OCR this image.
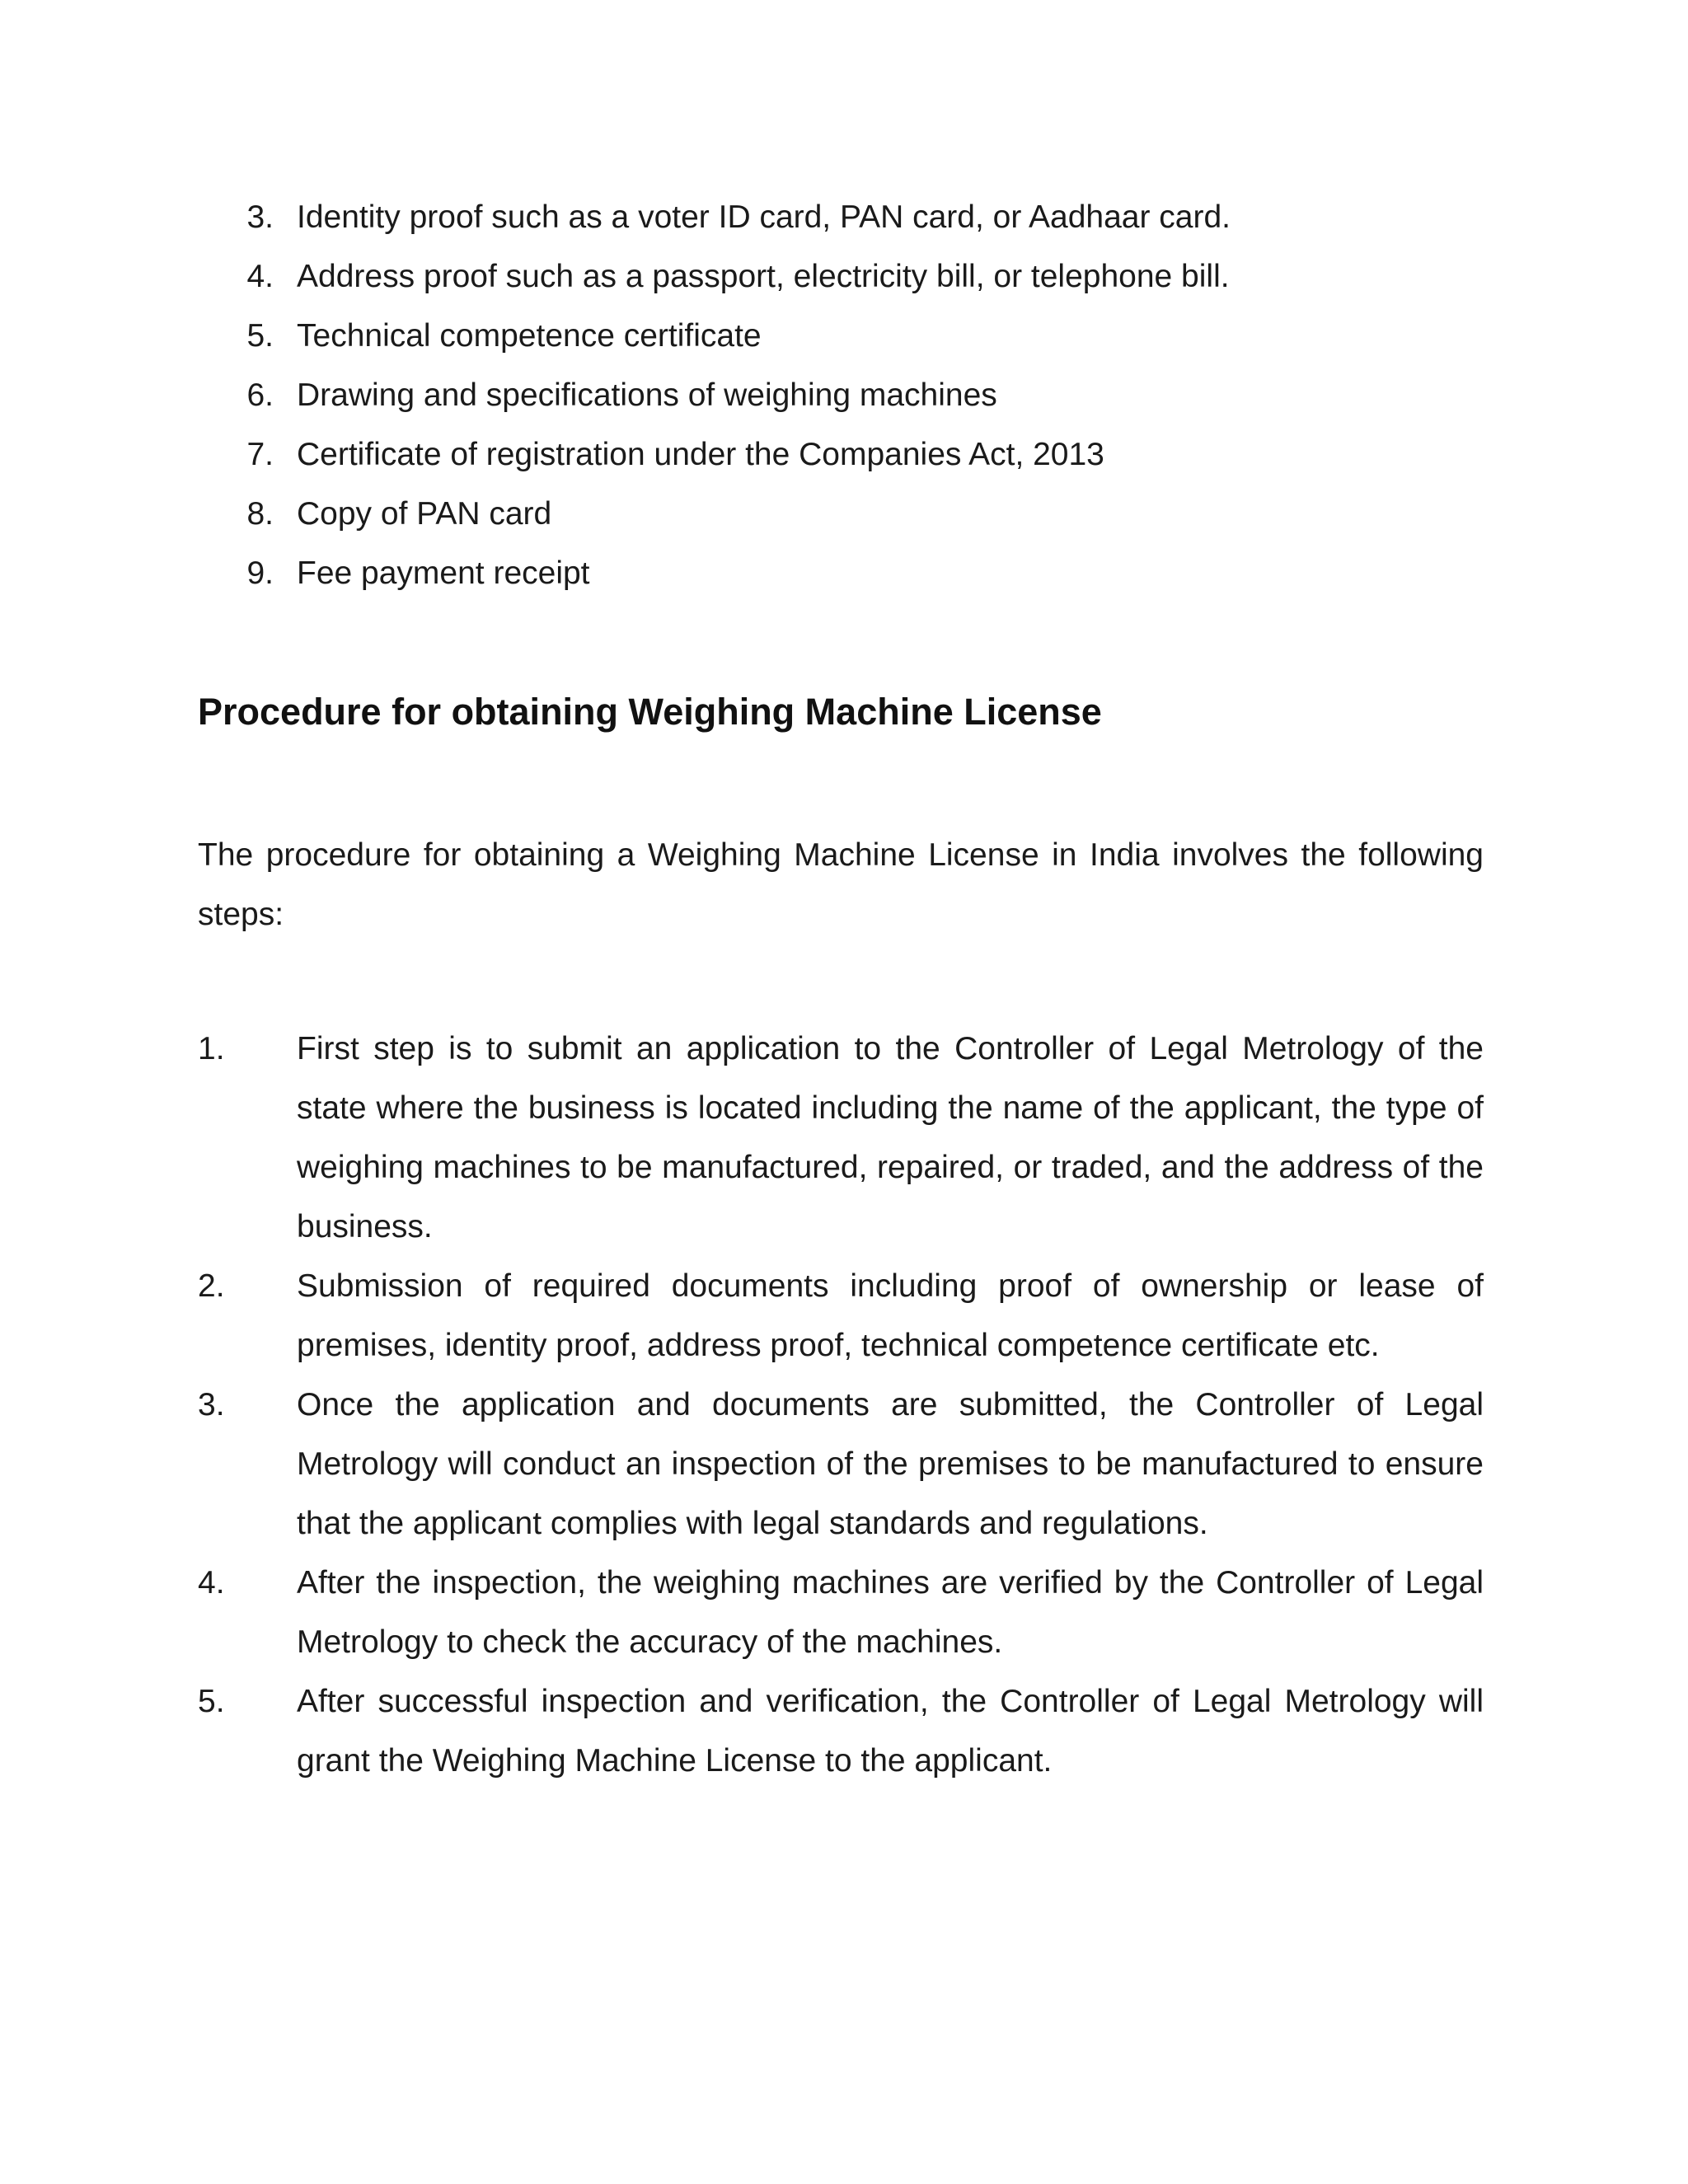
3. Identity proof such as a voter ID card, PAN card, or Aadhaar card.
4. Address proof such as a passport, electricity bill, or telephone bill.
5. Technical competence certificate
6. Drawing and specifications of weighing machines
7. Certificate of registration under the Companies Act, 2013
8. Copy of PAN card
9. Fee payment receipt
Procedure for obtaining Weighing Machine License

The procedure for obtaining a Weighing Machine License in India involves the following steps:

1.	First step is to submit an application to the Controller of Legal Metrology of the state where the business is located including the name of the applicant, the type of weighing machines to be manufactured, repaired, or traded, and the address of the business.
2.	Submission of required documents including proof of ownership or lease of premises, identity proof, address proof, technical competence certificate etc.
3.	Once the application and documents are submitted, the Controller of Legal Metrology will conduct an inspection of the premises to be manufactured to ensure that the applicant complies with legal standards and regulations.
4.	After the inspection, the weighing machines are verified by the Controller of Legal Metrology to check the accuracy of the machines.
5.	After successful inspection and verification, the Controller of Legal Metrology will grant the Weighing Machine License to the applicant.
